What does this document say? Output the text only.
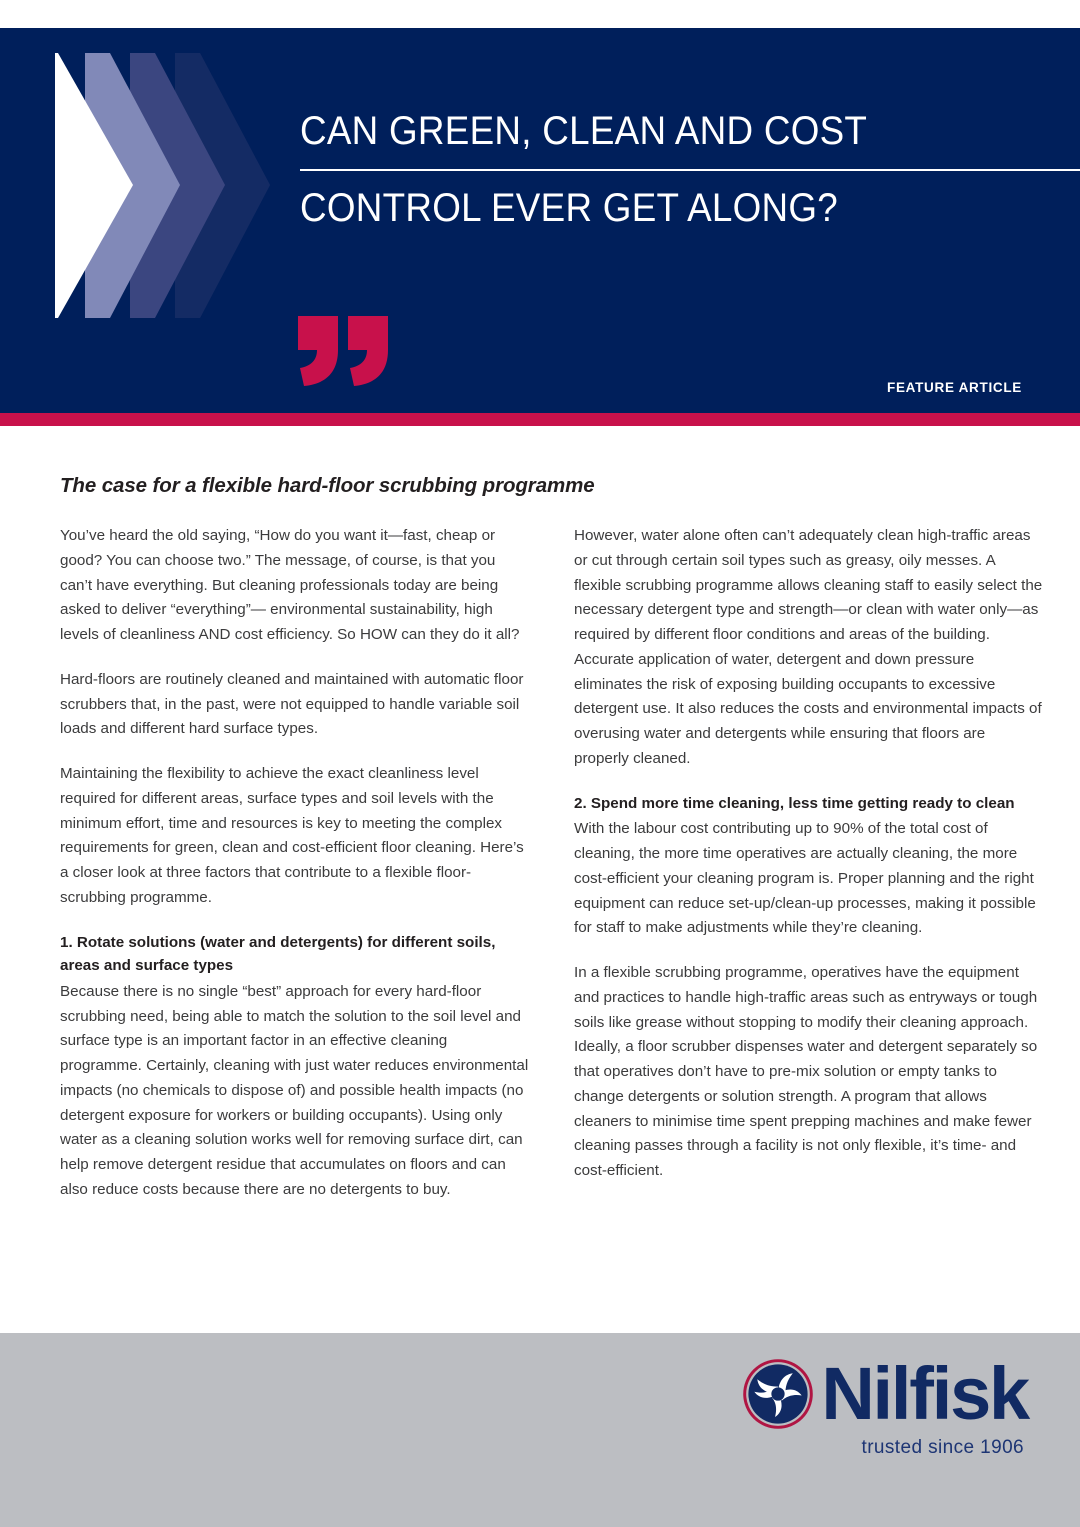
CAN GREEN, CLEAN AND COST
CONTROL EVER GET ALONG?
FEATURE ARTICLE
The case for a flexible hard-floor scrubbing programme

You’ve heard the old saying, “How do you want it—fast, cheap or good? You can choose two.” The message, of course, is that you can’t have everything. But cleaning professionals today are being asked to deliver “everything”— environmental sustainability, high levels of cleanliness AND cost efficiency. So HOW can they do it all?

Hard-floors are routinely cleaned and maintained with automatic floor scrubbers that, in the past, were not equipped to handle variable soil loads and different hard surface types.

Maintaining the flexibility to achieve the exact cleanliness level required for different areas, surface types and soil levels with the minimum effort, time and resources is key to meeting the complex requirements for green, clean and cost-efficient floor cleaning. Here’s a closer look at three factors that contribute to a flexible floor-scrubbing programme.

1. Rotate solutions (water and detergents) for different soils, areas and surface types

Because there is no single “best” approach for every hard-floor scrubbing need, being able to match the solution to the soil level and surface type is an important factor in an effective cleaning programme. Certainly, cleaning with just water reduces environmental impacts (no chemicals to dispose of) and possible health impacts (no detergent exposure for workers or building occupants). Using only water as a cleaning solution works well for removing surface dirt, can help remove detergent residue that accumulates on floors and can also reduce costs because there are no detergents to buy.

However, water alone often can’t adequately clean high-traffic areas or cut through certain soil types such as greasy, oily messes. A flexible scrubbing programme allows cleaning staff to easily select the necessary detergent type and strength—or clean with water only—as required by different floor conditions and areas of the building. Accurate application of water, detergent and down pressure eliminates the risk of exposing building occupants to excessive detergent use. It also reduces the costs and environmental impacts of overusing water and detergents while ensuring that floors are properly cleaned.

2. Spend more time cleaning, less time getting ready to clean

With the labour cost contributing up to 90% of the total cost of cleaning, the more time operatives are actually cleaning, the more cost-efficient your cleaning program is. Proper planning and the right equipment can reduce set-up/clean-up processes, making it possible for staff to make adjustments while they’re cleaning.

In a flexible scrubbing programme, operatives have the equipment and practices to handle high-traffic areas such as entryways or tough soils like grease without stopping to modify their cleaning approach. Ideally, a floor scrubber dispenses water and detergent separately so that operatives don’t have to pre-mix solution or empty tanks to change detergents or solution strength. A program that allows cleaners to minimise time spent prepping machines and make fewer cleaning passes through a facility is not only flexible, it’s time- and cost-efficient.

Nilfisk
trusted since 1906
